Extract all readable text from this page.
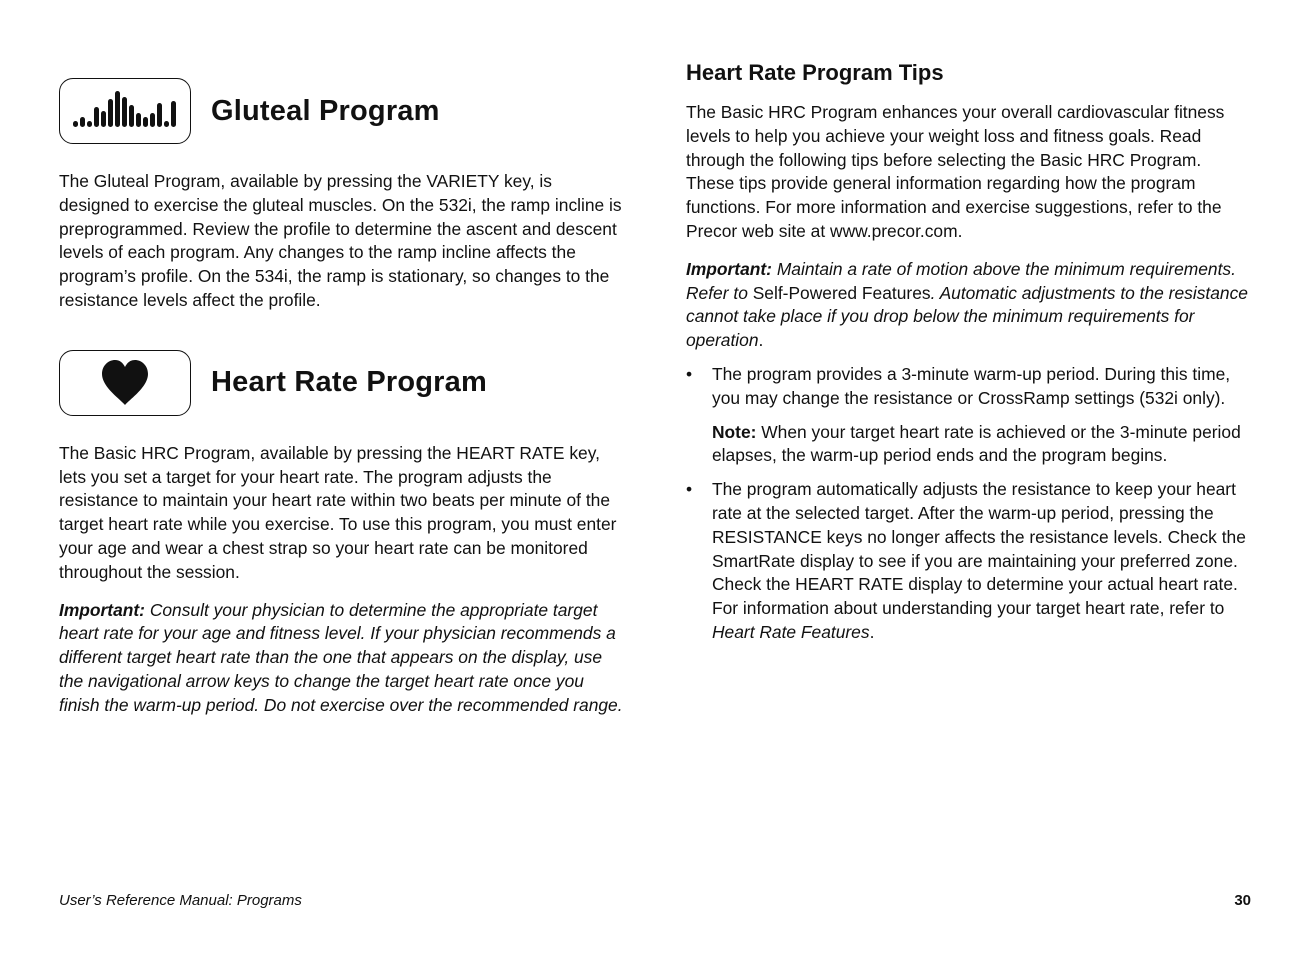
Gluteal Program

The Gluteal Program, available by pressing the VARIETY key, is designed to exercise the gluteal muscles. On the 532i, the ramp incline is preprogrammed. Review the profile to determine the ascent and descent levels of each program. Any changes to the ramp incline affects the program’s profile. On the 534i, the ramp is stationary, so changes to the resistance levels affect the profile.

Heart Rate Program

The Basic HRC Program, available by pressing the HEART RATE key, lets you set a target for your heart rate. The program adjusts the resistance to maintain your heart rate within two beats per minute of the target heart rate while you exercise. To use this program, you must enter your age and wear a chest strap so your heart rate can be monitored throughout the session.

Important: Consult your physician to determine the appropriate target heart rate for your age and fitness level. If your physician recommends a different target heart rate than the one that appears on the display, use the navigational arrow keys to change the target heart rate once you finish the warm-up period. Do not exercise over the recommended range.

Heart Rate Program Tips

The Basic HRC Program enhances your overall cardiovascular fitness levels to help you achieve your weight loss and fitness goals. Read through the following tips before selecting the Basic HRC Program. These tips provide general information regarding how the program functions. For more information and exercise suggestions, refer to the Precor web site at www.precor.com.

Important: Maintain a rate of motion above the minimum requirements. Refer to Self-Powered Features. Automatic adjustments to the resistance cannot take place if you drop below the minimum requirements for operation.

• The program provides a 3-minute warm-up period. During this time, you may change the resistance or CrossRamp settings (532i only).

Note: When your target heart rate is achieved or the 3-minute period elapses, the warm-up period ends and the program begins.

• The program automatically adjusts the resistance to keep your heart rate at the selected target. After the warm-up period, pressing the RESISTANCE keys no longer affects the resistance levels. Check the SmartRate display to see if you are maintaining your preferred zone. Check the HEART RATE display to determine your actual heart rate. For information about understanding your target heart rate, refer to Heart Rate Features.

User’s Reference Manual: Programs	30
